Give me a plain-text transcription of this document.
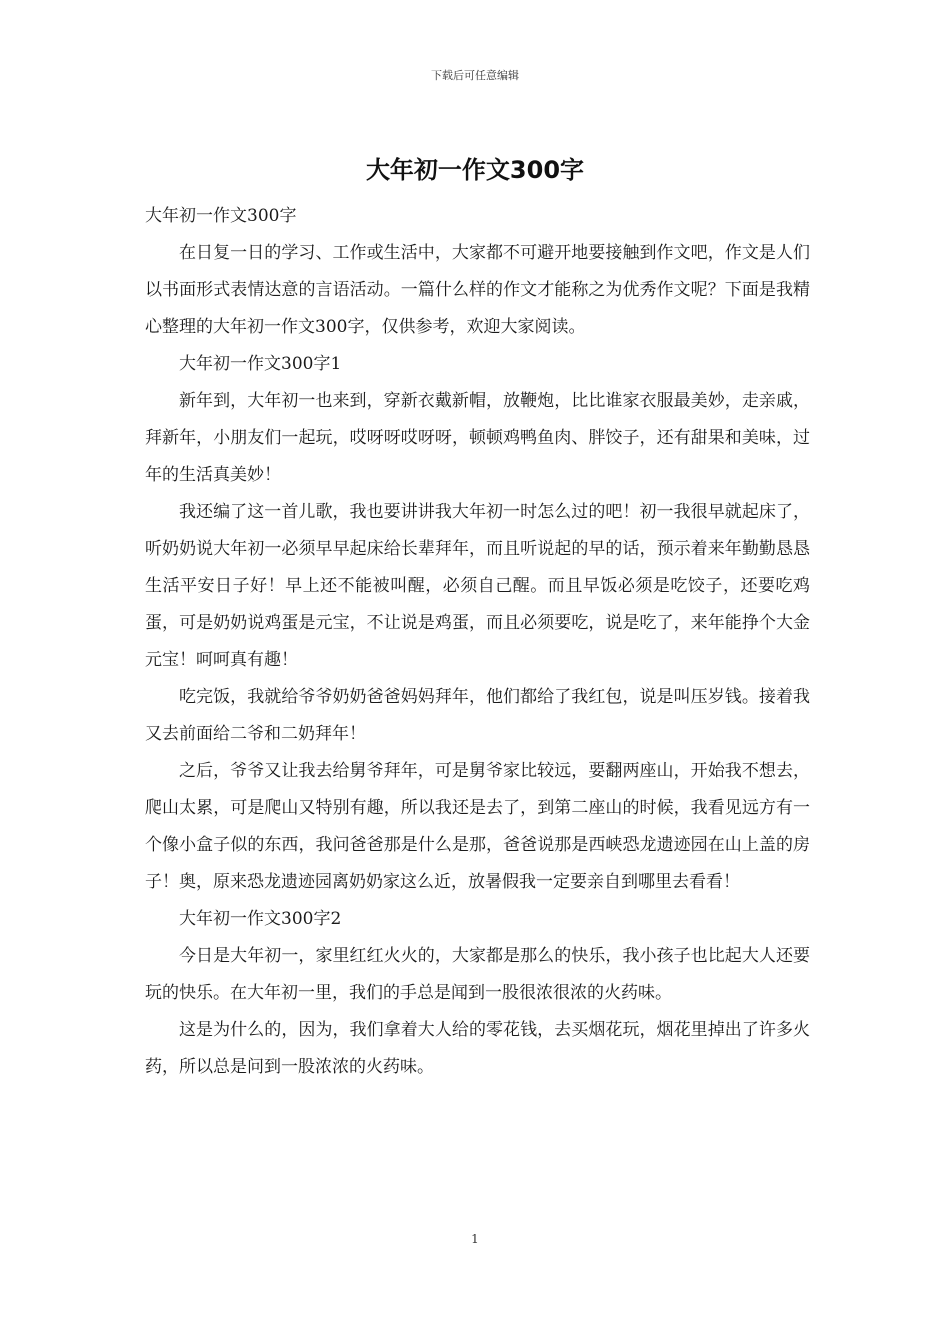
下载后可任意编辑
大年初一作文300字

大年初一作文300字

在日复一日的学习、工作或生活中，大家都不可避开地要接触到作文吧，作文是人们以书面形式表情达意的言语活动。一篇什么样的作文才能称之为优秀作文呢？下面是我精心整理的大年初一作文300字，仅供参考，欢迎大家阅读。

大年初一作文300字1

新年到，大年初一也来到，穿新衣戴新帽，放鞭炮，比比谁家衣服最美妙，走亲戚，拜新年，小朋友们一起玩，哎呀呀哎呀呀，顿顿鸡鸭鱼肉、胖饺子，还有甜果和美味，过年的生活真美妙！

我还编了这一首儿歌，我也要讲讲我大年初一时怎么过的吧！初一我很早就起床了，听奶奶说大年初一必须早早起床给长辈拜年，而且听说起的早的话，预示着来年勤勤恳恳生活平安日子好！早上还不能被叫醒，必须自己醒。而且早饭必须是吃饺子，还要吃鸡蛋，可是奶奶说鸡蛋是元宝，不让说是鸡蛋，而且必须要吃，说是吃了，来年能挣个大金元宝！呵呵真有趣！

吃完饭，我就给爷爷奶奶爸爸妈妈拜年，他们都给了我红包，说是叫压岁钱。接着我又去前面给二爷和二奶拜年！

之后，爷爷又让我去给舅爷拜年，可是舅爷家比较远，要翻两座山，开始我不想去，爬山太累，可是爬山又特别有趣，所以我还是去了，到第二座山的时候，我看见远方有一个像小盒子似的东西，我问爸爸那是什么是那，爸爸说那是西峡恐龙遗迹园在山上盖的房子！奥，原来恐龙遗迹园离奶奶家这么近，放暑假我一定要亲自到哪里去看看！

大年初一作文300字2

今日是大年初一，家里红红火火的，大家都是那么的快乐，我小孩子也比起大人还要玩的快乐。在大年初一里，我们的手总是闻到一股很浓很浓的火药味。

这是为什么的，因为，我们拿着大人给的零花钱，去买烟花玩，烟花里掉出了许多火药，所以总是问到一股浓浓的火药味。

1
